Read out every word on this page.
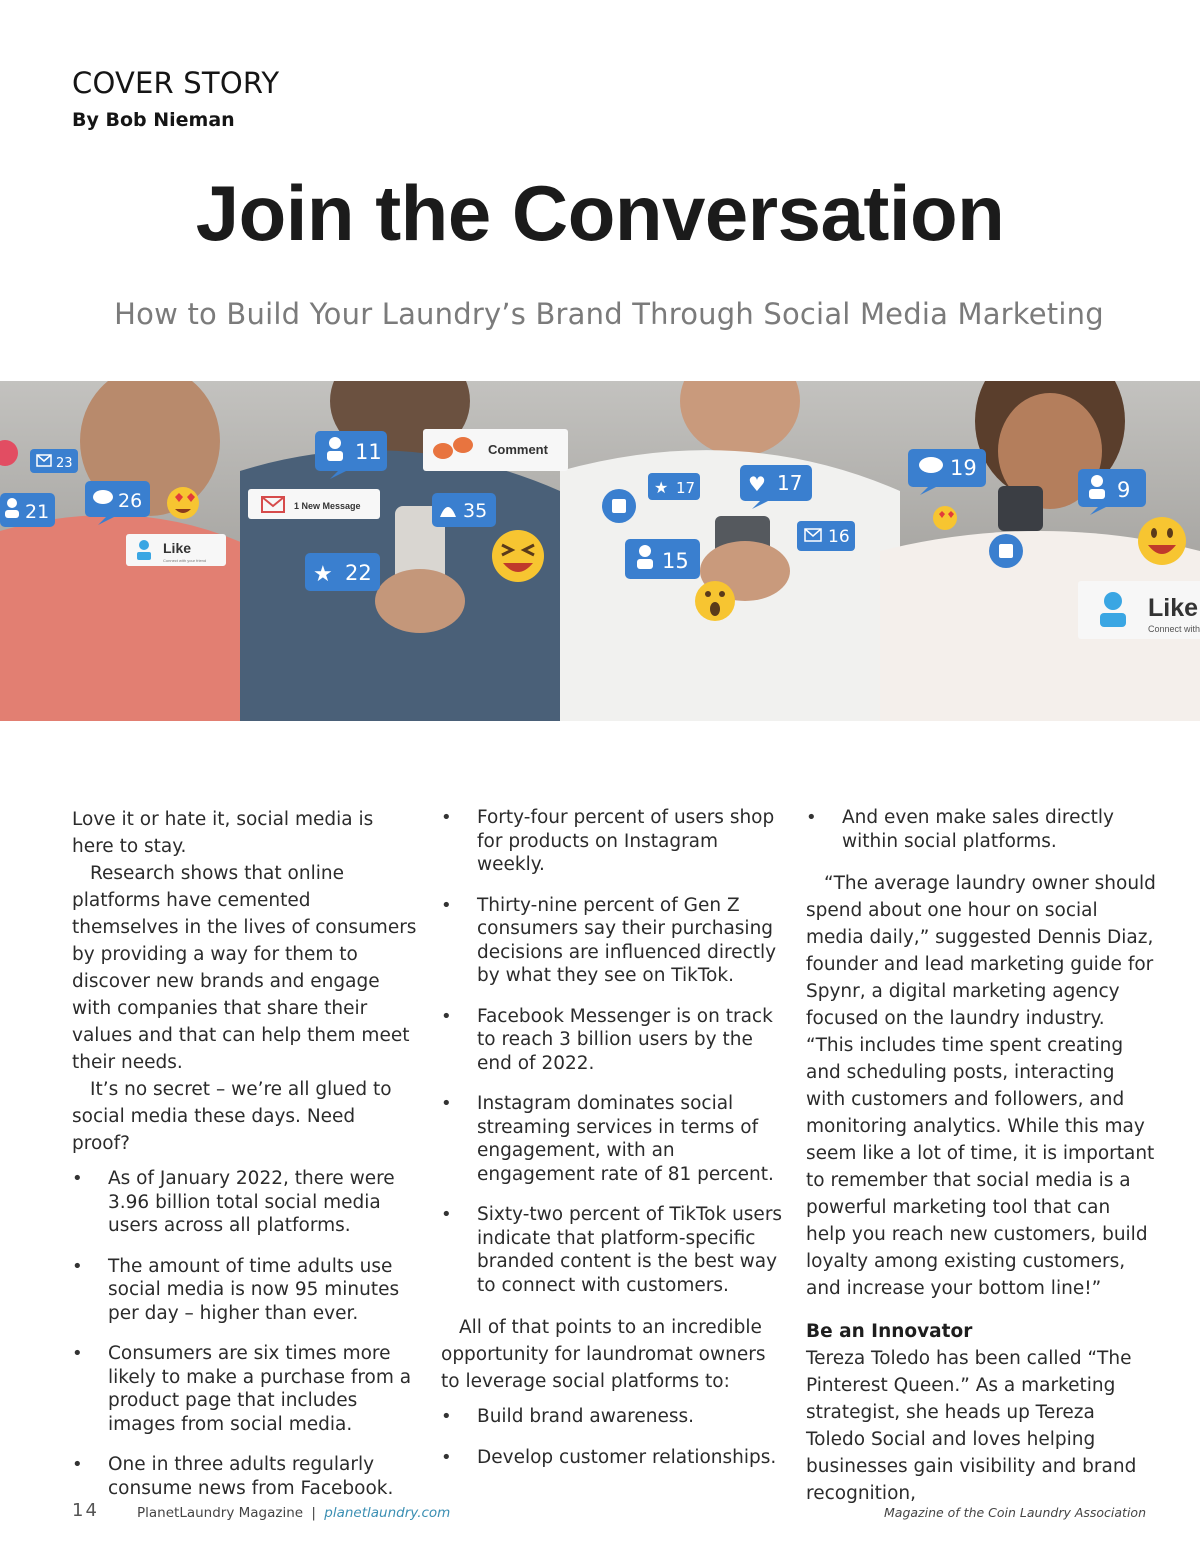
COVER STORY
By Bob Nieman
Join the Conversation
How to Build Your Laundry’s Brand Through Social Media Marketing
23
21	26
11
★ 22
35
★ 17
15
♥ 17
16
19
9
Comment
1 New Message
Like
Connect with your friend
Like
Connect with

Love it or hate it, social media is here to stay.

Research shows that online platforms have cemented themselves in the lives of consumers by providing a way for them to discover new brands and engage with companies that share their values and that can help them meet their needs.

It’s no secret – we’re all glued to social media these days. Need proof?

• As of January 2022, there were 3.96 billion total social media users across all platforms.
• The amount of time adults use social media is now 95 minutes per day – higher than ever.
• Consumers are six times more likely to make a purchase from a product page that includes images from social media.
• One in three adults regularly consume news from Facebook.
• Forty-four percent of users shop for products on Instagram weekly.
• Thirty-nine percent of Gen Z consumers say their purchasing decisions are influenced directly by what they see on TikTok.
• Facebook Messenger is on track to reach 3 billion users by the end of 2022.
• Instagram dominates social streaming services in terms of engagement, with an engagement rate of 81 percent.
• Sixty-two percent of TikTok users indicate that platform-specific branded content is the best way to connect with customers.

All of that points to an incredible opportunity for laundromat owners to leverage social platforms to:

• Build brand awareness.
• Develop customer relationships.
• And even make sales directly within social platforms.

“The average laundry owner should spend about one hour on social media daily,” suggested Dennis Diaz, founder and lead marketing guide for Spynr, a digital marketing agency focused on the laundry industry. “This includes time spent creating and scheduling posts, interacting with customers and followers, and monitoring analytics. While this may seem like a lot of time, it is important to remember that social media is a powerful marketing tool that can help you reach new customers, build loyalty among existing customers, and increase your bottom line!”

Be an Innovator

Tereza Toledo has been called “The Pinterest Queen.” As a marketing strategist, she heads up Tereza Toledo Social and loves helping businesses gain visibility and brand recognition,

14	PlanetLaundry Magazine | planetlaundry.com	Magazine of the Coin Laundry Association
